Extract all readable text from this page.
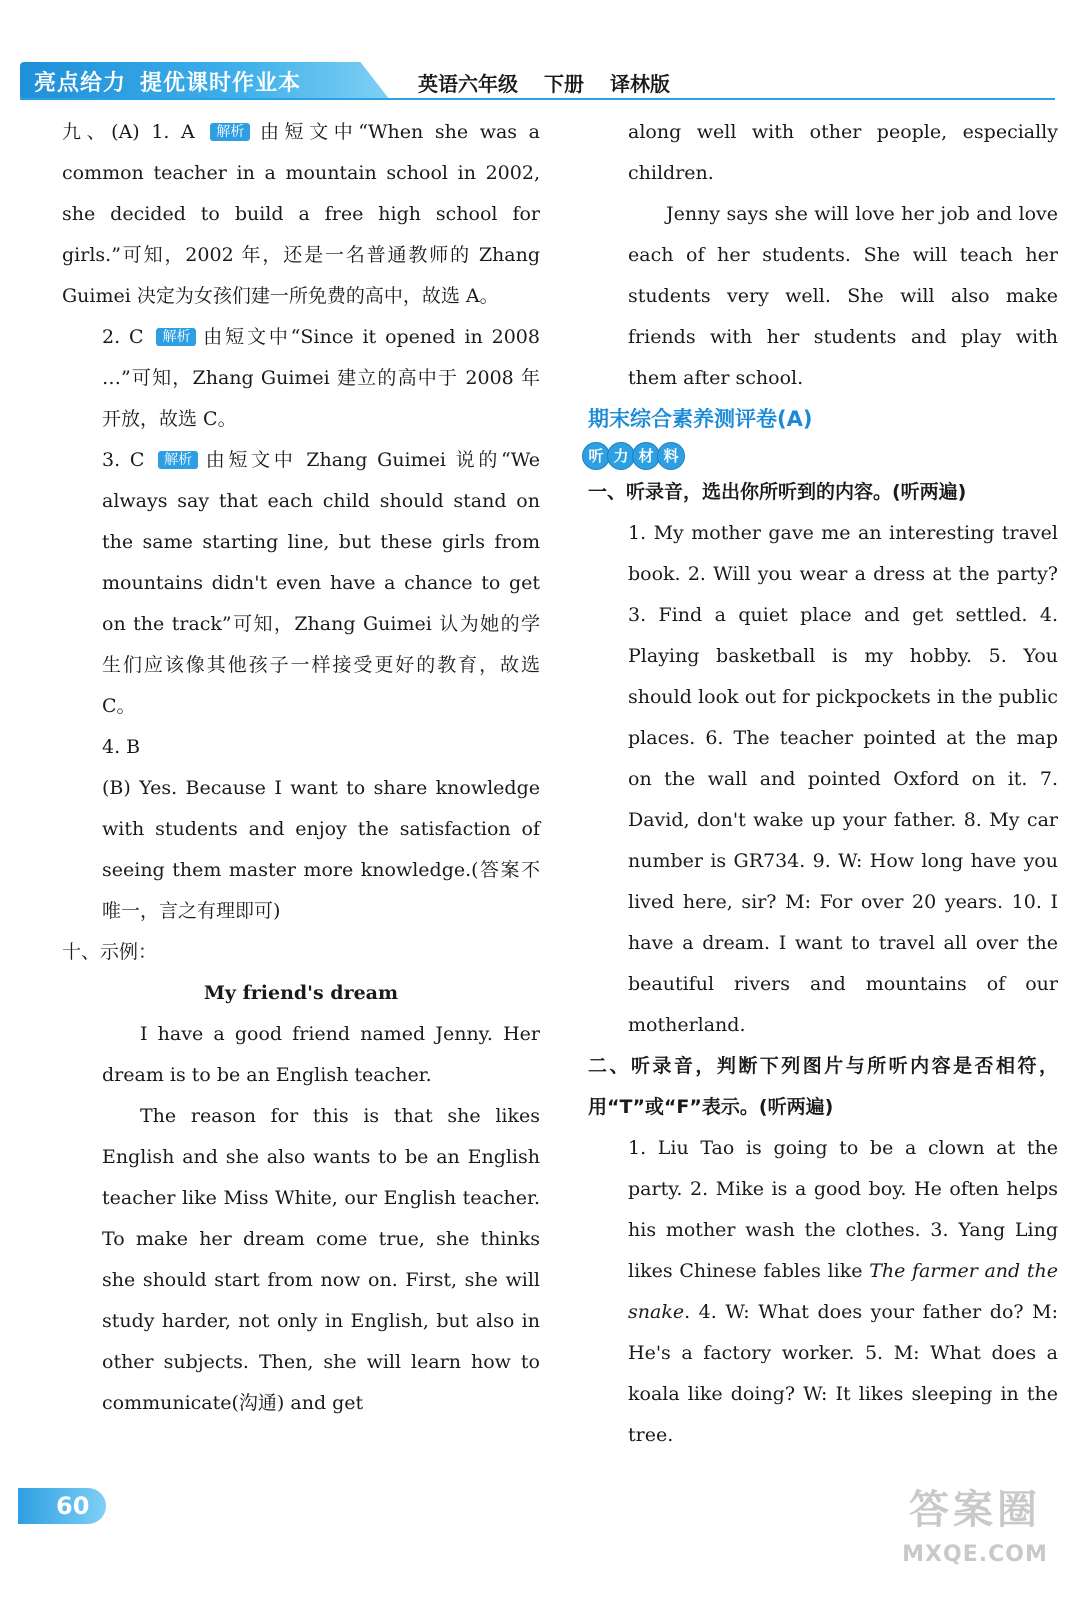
亮点给力 提优课时作业本	英语六年级 下册 译林版

九、(A) 1. A 解析 由短文中“When she was a common teacher in a mountain school in 2002, she decided to build a free high school for girls.”可知，2002 年，还是一名普通教师的 Zhang Guimei 决定为女孩们建一所免费的高中，故选 A。

2. C 解析 由短文中“Since it opened in 2008 …”可知，Zhang Guimei 建立的高中于 2008 年开放，故选 C。

3. C 解析 由短文中 Zhang Guimei 说的“We always say that each child should stand on the same starting line, but these girls from mountains didn't even have a chance to get on the track”可知，Zhang Guimei 认为她的学生们应该像其他孩子一样接受更好的教育，故选 C。

4. B

(B) Yes. Because I want to share knowledge with students and enjoy the satisfaction of seeing them master more knowledge.(答案不唯一，言之有理即可)

十、示例：

My friend's dream

I have a good friend named Jenny. Her dream is to be an English teacher.

The reason for this is that she likes English and she also wants to be an English teacher like Miss White, our English teacher. To make her dream come true, she thinks she should start from now on. First, she will study harder, not only in English, but also in other subjects. Then, she will learn how to communicate(沟通) and get

along well with other people, especially children.

Jenny says she will love her job and love each of her students. She will teach her students very well. She will also make friends with her students and play with them after school.

期末综合素养测评卷(A)

听 力 材 料

一、听录音，选出你所听到的内容。(听两遍)

1. My mother gave me an interesting travel book. 2. Will you wear a dress at the party? 3. Find a quiet place and get settled. 4. Playing basketball is my hobby. 5. You should look out for pickpockets in the public places. 6. The teacher pointed at the map on the wall and pointed Oxford on it. 7. David, don't wake up your father. 8. My car number is GR734. 9. W: How long have you lived here, sir? M: For over 20 years. 10. I have a dream. I want to travel all over the beautiful rivers and mountains of our motherland.

二、听录音，判断下列图片与所听内容是否相符，用“T”或“F”表示。(听两遍)

1. Liu Tao is going to be a clown at the party. 2. Mike is a good boy. He often helps his mother wash the clothes. 3. Yang Ling likes Chinese fables like The farmer and the snake. 4. W: What does your father do? M: He's a factory worker. 5. M: What does a koala like doing? W: It likes sleeping in the tree.

60	答案圈
MXQE.COM
